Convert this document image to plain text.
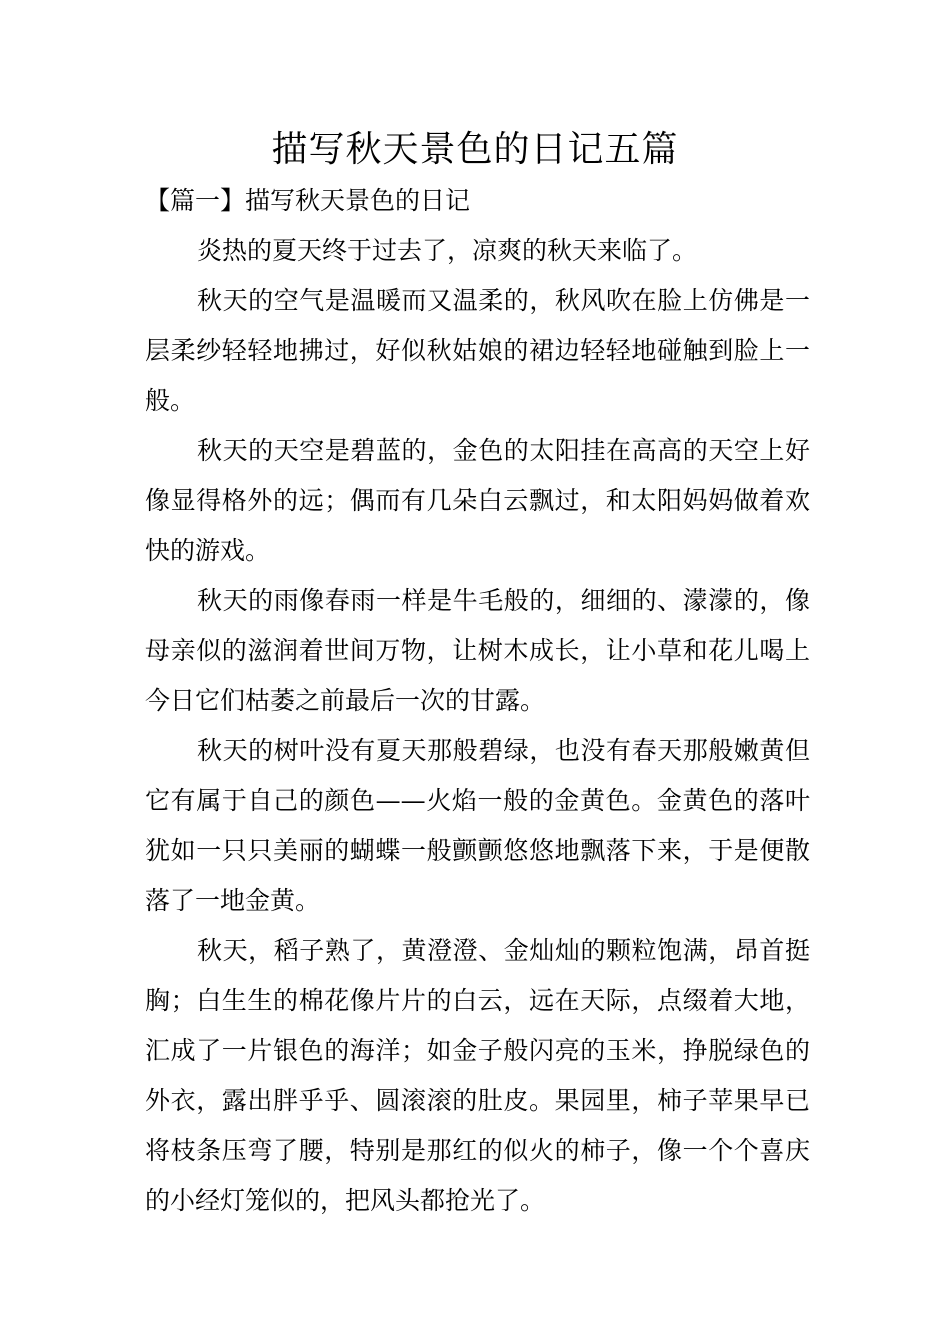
描写秋天景色的日记五篇

【篇一】描写秋天景色的日记

炎热的夏天终于过去了，凉爽的秋天来临了。

秋天的空气是温暖而又温柔的，秋风吹在脸上仿佛是一层柔纱轻轻地拂过，好似秋姑娘的裙边轻轻地碰触到脸上一般。

秋天的天空是碧蓝的，金色的太阳挂在高高的天空上好像显得格外的远；偶而有几朵白云飘过，和太阳妈妈做着欢快的游戏。

秋天的雨像春雨一样是牛毛般的，细细的、濛濛的，像母亲似的滋润着世间万物，让树木成长，让小草和花儿喝上今日它们枯萎之前最后一次的甘露。

秋天的树叶没有夏天那般碧绿，也没有春天那般嫩黄但它有属于自己的颜色——火焰一般的金黄色。金黄色的落叶犹如一只只美丽的蝴蝶一般颤颤悠悠地飘落下来，于是便散落了一地金黄。

秋天，稻子熟了，黄澄澄、金灿灿的颗粒饱满，昂首挺胸；白生生的棉花像片片的白云，远在天际，点缀着大地，汇成了一片银色的海洋；如金子般闪亮的玉米，挣脱绿色的外衣，露出胖乎乎、圆滚滚的肚皮。果园里，柿子苹果早已将枝条压弯了腰，特别是那红的似火的柿子，像一个个喜庆的小经灯笼似的，把风头都抢光了。
